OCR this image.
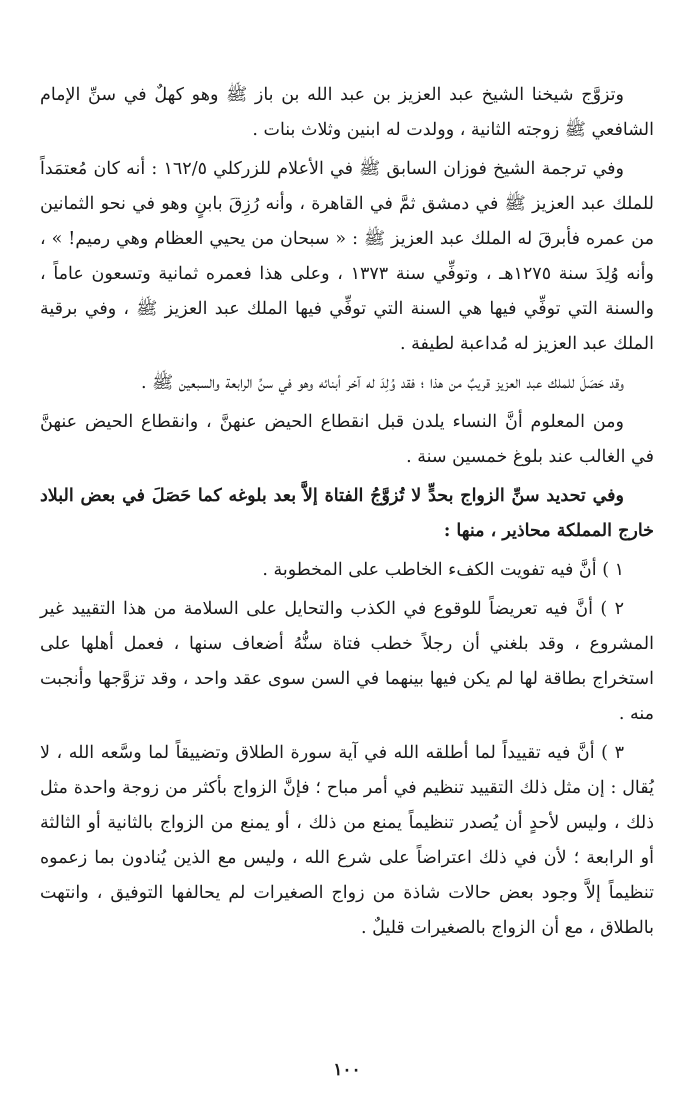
وتزوَّج شيخنا الشيخ عبد العزيز بن عبد الله بن باز ﷺ وهو كهلٌ في سنِّ الإمام الشافعي ﷺ زوجته الثانية ، وولدت له ابنين وثلاث بنات .

وفي ترجمة الشيخ فوزان السابق ﷺ في الأعلام للزركلي ١٦٢/٥ : أنه كان مُعتمَداً للملك عبد العزيز ﷺ في دمشق ثمَّ في القاهرة ، وأنه رُزِقَ بابنٍ وهو في نحو الثمانين من عمره فأبرقَ له الملك عبد العزيز ﷺ : « سبحان من يحيي العظام وهي رميم! » ، وأنه وُلِدَ سنة ١٢٧٥هـ ، وتوفِّي سنة ١٣٧٣ ، وعلى هذا فعمره ثمانية وتسعون عاماً ، والسنة التي توفِّي فيها هي السنة التي توفِّي فيها الملك عبد العزيز ﷺ ، وفي برقية الملك عبد العزيز له مُداعبة لطيفة .

وقد حَصَلَ للملك عبد العزيز قريبٌ من هذا ؛ فقد وُلِدَ له آخر أبنائه وهو في سنِّ الرابعة والسبعين ﷺ .

ومن المعلوم أنَّ النساء يلدن قبل انقطاع الحيض عنهنَّ ، وانقطاع الحيض عنهنَّ في الغالب عند بلوغ خمسين سنة .

وفي تحديد سنِّ الزواج بحدٍّ لا تُزوَّجُ الفتاة إلاَّ بعد بلوغه كما حَصَلَ في بعض البلاد خارج المملكة محاذير ، منها :

١ ) أنَّ فيه تفويت الكفء الخاطب على المخطوبة .

٢ ) أنَّ فيه تعريضاً للوقوع في الكذب والتحايل على السلامة من هذا التقييد غير المشروع ، وقد بلغني أن رجلاً خطب فتاة سنُّهُ أضعاف سنها ، فعمل أهلها على استخراج بطاقة لها لم يكن فيها بينهما في السن سوى عقد واحد ، وقد تزوَّجها وأنجبت منه .

٣ ) أنَّ فيه تقييداً لما أطلقه الله في آية سورة الطلاق وتضييقاً لما وسَّعه الله ، لا يُقال : إن مثل ذلك التقييد تنظيم في أمر مباح ؛ فإنَّ الزواج بأكثر من زوجة واحدة مثل ذلك ، وليس لأحدٍ أن يُصدر تنظيماً يمنع من ذلك ، أو يمنع من الزواج بالثانية أو الثالثة أو الرابعة ؛ لأن في ذلك اعتراضاً على شرع الله ، وليس مع الذين يُنادون بما زعموه تنظيماً إلاَّ وجود بعض حالات شاذة من زواج الصغيرات لم يحالفها التوفيق ، وانتهت بالطلاق ، مع أن الزواج بالصغيرات قليلٌ .

١٠٠
